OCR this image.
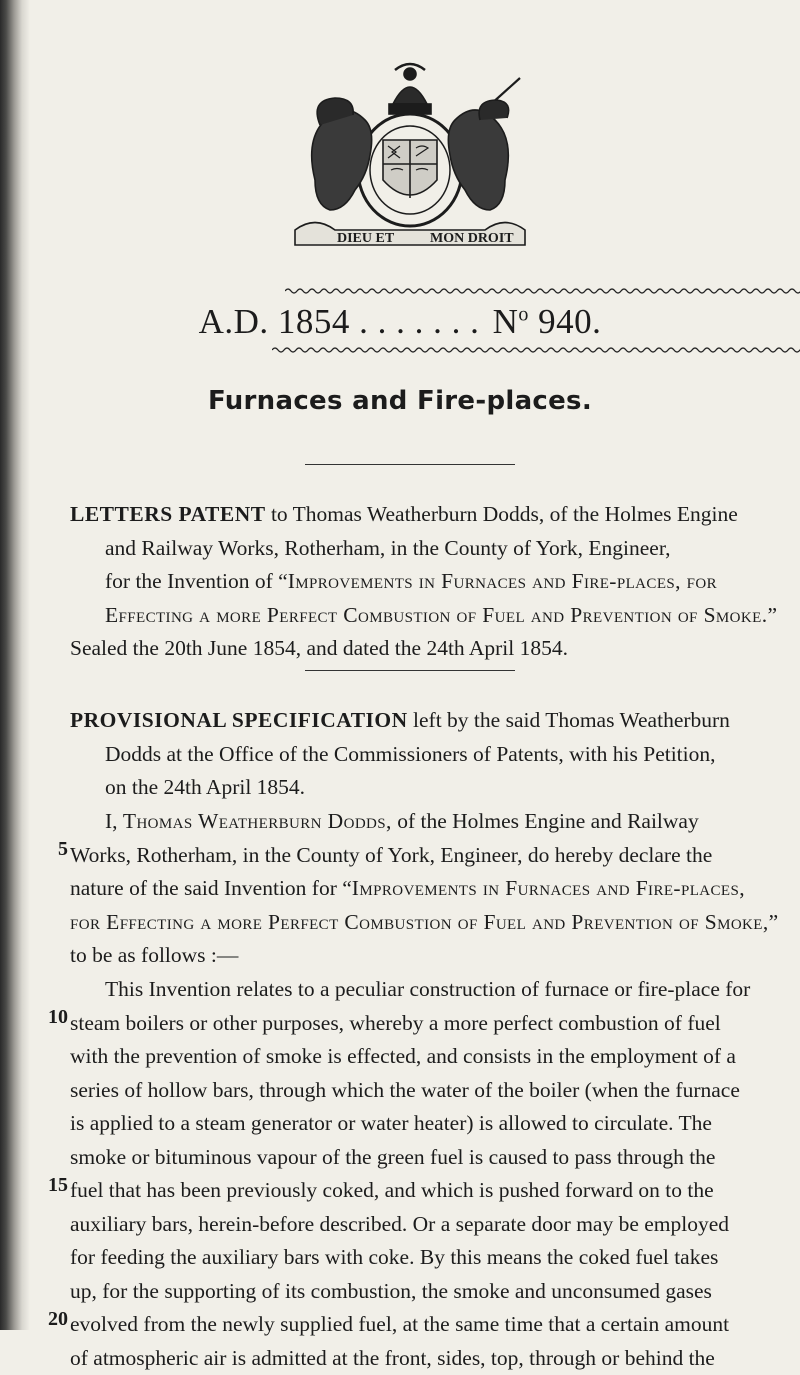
DIEU ET	MON DROIT
A.D. 1854 . . . . . . . $N^o$ 940.
Furnaces and Fire-places.
LETTERS PATENT to Thomas Weatherburn Dodds, of the Holmes Engine
and Railway Works, Rotherham, in the County of York, Engineer,
for the Invention of “Improvements in Furnaces and Fire-places, for
Effecting a more Perfect Combustion of Fuel and Prevention of Smoke.”
Sealed the 20th June 1854, and dated the 24th April 1854.
PROVISIONAL SPECIFICATION left by the said Thomas Weatherburn
Dodds at the Office of the Commissioners of Patents, with his Petition,
on the 24th April 1854.
I, Thomas Weatherburn Dodds, of the Holmes Engine and Railway
Works, Rotherham, in the County of York, Engineer, do hereby declare the
nature of the said Invention for “Improvements in Furnaces and Fire-places,
for Effecting a more Perfect Combustion of Fuel and Prevention of Smoke,”
to be as follows :—
This Invention relates to a peculiar construction of furnace or fire-place for
steam boilers or other purposes, whereby a more perfect combustion of fuel
with the prevention of smoke is effected, and consists in the employment of a
series of hollow bars, through which the water of the boiler (when the furnace
is applied to a steam generator or water heater) is allowed to circulate. The
smoke or bituminous vapour of the green fuel is caused to pass through the
fuel that has been previously coked, and which is pushed forward on to the
auxiliary bars, herein-before described. Or a separate door may be employed
for feeding the auxiliary bars with coke. By this means the coked fuel takes
up, for the supporting of its combustion, the smoke and unconsumed gases
evolved from the newly supplied fuel, at the same time that a certain amount
of atmospheric air is admitted at the front, sides, top, through or behind the
5
10
15
20
